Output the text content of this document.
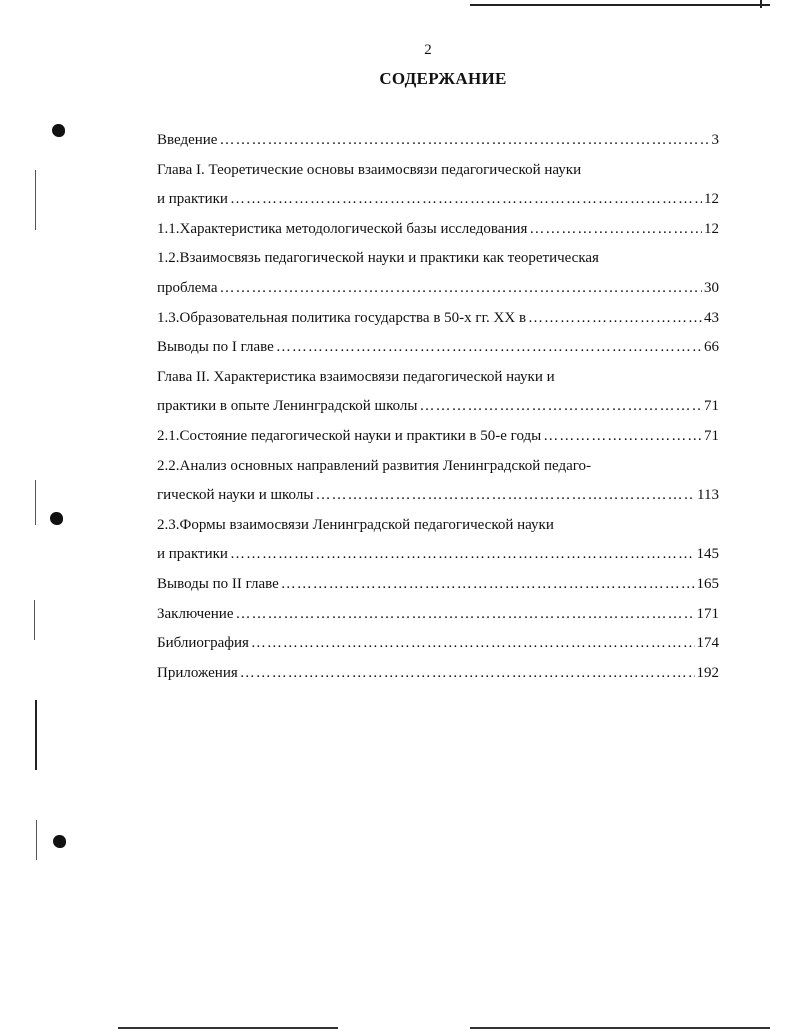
2
СОДЕРЖАНИЕ
Введение …………………………………………………………………………………………………………………………………	3
Глава I. Теоретические основы взаимосвязи педагогической науки
и практики …………………………………………………………………………………………………………………………………	12
1.1.Характеристика методологической базы исследования …………………………………………………………………………………………………………………………………	12
1.2.Взаимосвязь педагогической науки и практики как теоретическая
проблема …………………………………………………………………………………………………………………………………	30
1.3.Образовательная политика государства в 50-х гг. XX в …………………………………………………………………………………………………………………………………	43
Выводы по I главе …………………………………………………………………………………………………………………………………	66
Глава II. Характеристика взаимосвязи педагогической науки и
практики в опыте Ленинградской школы …………………………………………………………………………………………………………………………………	71
2.1.Состояние педагогической науки и практики в 50-е годы …………………………………………………………………………………………………………………………………	71
2.2.Анализ основных направлений развития Ленинградской педаго-
гической науки и школы …………………………………………………………………………………………………………………………………	113
2.3.Формы взаимосвязи Ленинградской педагогической науки
и практики …………………………………………………………………………………………………………………………………	145
Выводы по II главе …………………………………………………………………………………………………………………………………	165
Заключение …………………………………………………………………………………………………………………………………	171
Библиография …………………………………………………………………………………………………………………………………	174
Приложения …………………………………………………………………………………………………………………………………	192
